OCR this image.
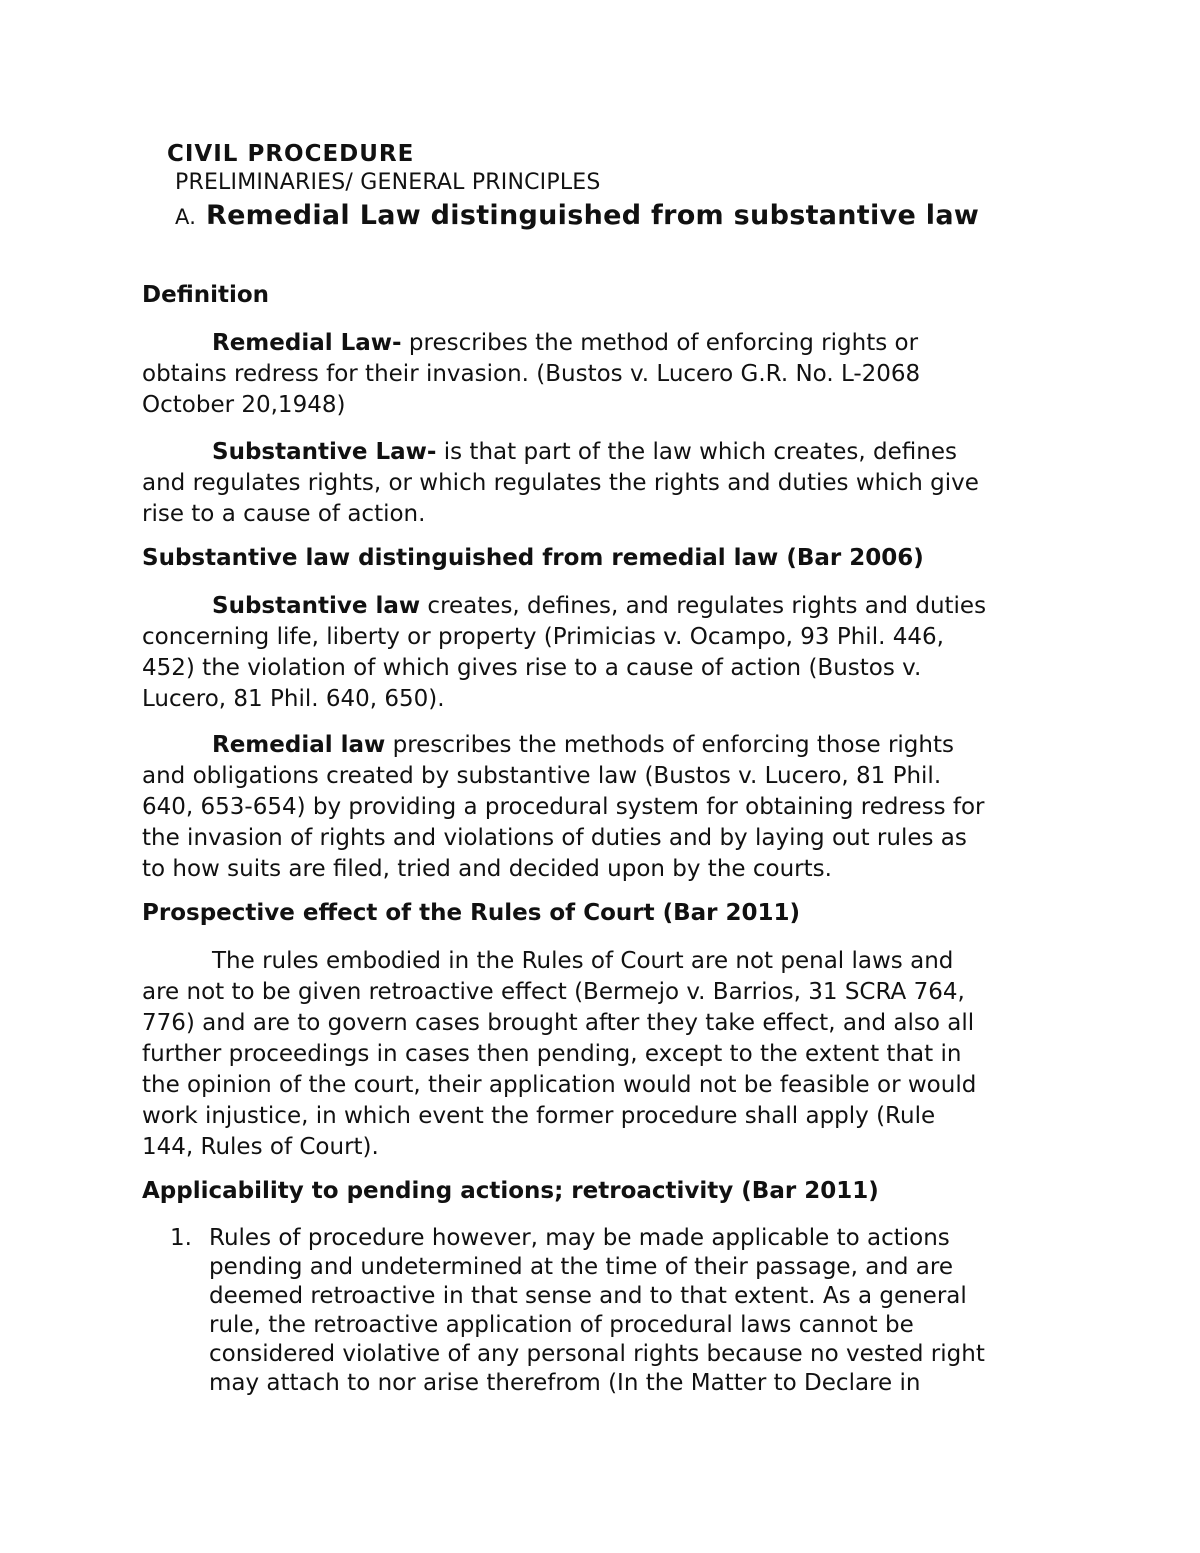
CIVIL PROCEDURE
PRELIMINARIES/ GENERAL PRINCIPLES
A. Remedial Law distinguished from substantive law
Definition
Remedial Law- prescribes the method of enforcing rights or
obtains redress for their invasion. (Bustos v. Lucero G.R. No. L-2068
October 20,1948)
Substantive Law- is that part of the law which creates, defines
and regulates rights, or which regulates the rights and duties which give
rise to a cause of action.
Substantive law distinguished from remedial law (Bar 2006)
Substantive law creates, defines, and regulates rights and duties
concerning life, liberty or property (Primicias v. Ocampo, 93 Phil. 446,
452) the violation of which gives rise to a cause of action (Bustos v.
Lucero, 81 Phil. 640, 650).
Remedial law prescribes the methods of enforcing those rights
and obligations created by substantive law (Bustos v. Lucero, 81 Phil.
640, 653-654) by providing a procedural system for obtaining redress for
the invasion of rights and violations of duties and by laying out rules as
to how suits are filed, tried and decided upon by the courts.
Prospective effect of the Rules of Court (Bar 2011)
The rules embodied in the Rules of Court are not penal laws and
are not to be given retroactive effect (Bermejo v. Barrios, 31 SCRA 764,
776) and are to govern cases brought after they take effect, and also all
further proceedings in cases then pending, except to the extent that in
the opinion of the court, their application would not be feasible or would
work injustice, in which event the former procedure shall apply (Rule
144, Rules of Court).
Applicability to pending actions; retroactivity (Bar 2011)
1. Rules of procedure however, may be made applicable to actions
pending and undetermined at the time of their passage, and are
deemed retroactive in that sense and to that extent. As a general
rule, the retroactive application of procedural laws cannot be
considered violative of any personal rights because no vested right
may attach to nor arise therefrom (In the Matter to Declare in
